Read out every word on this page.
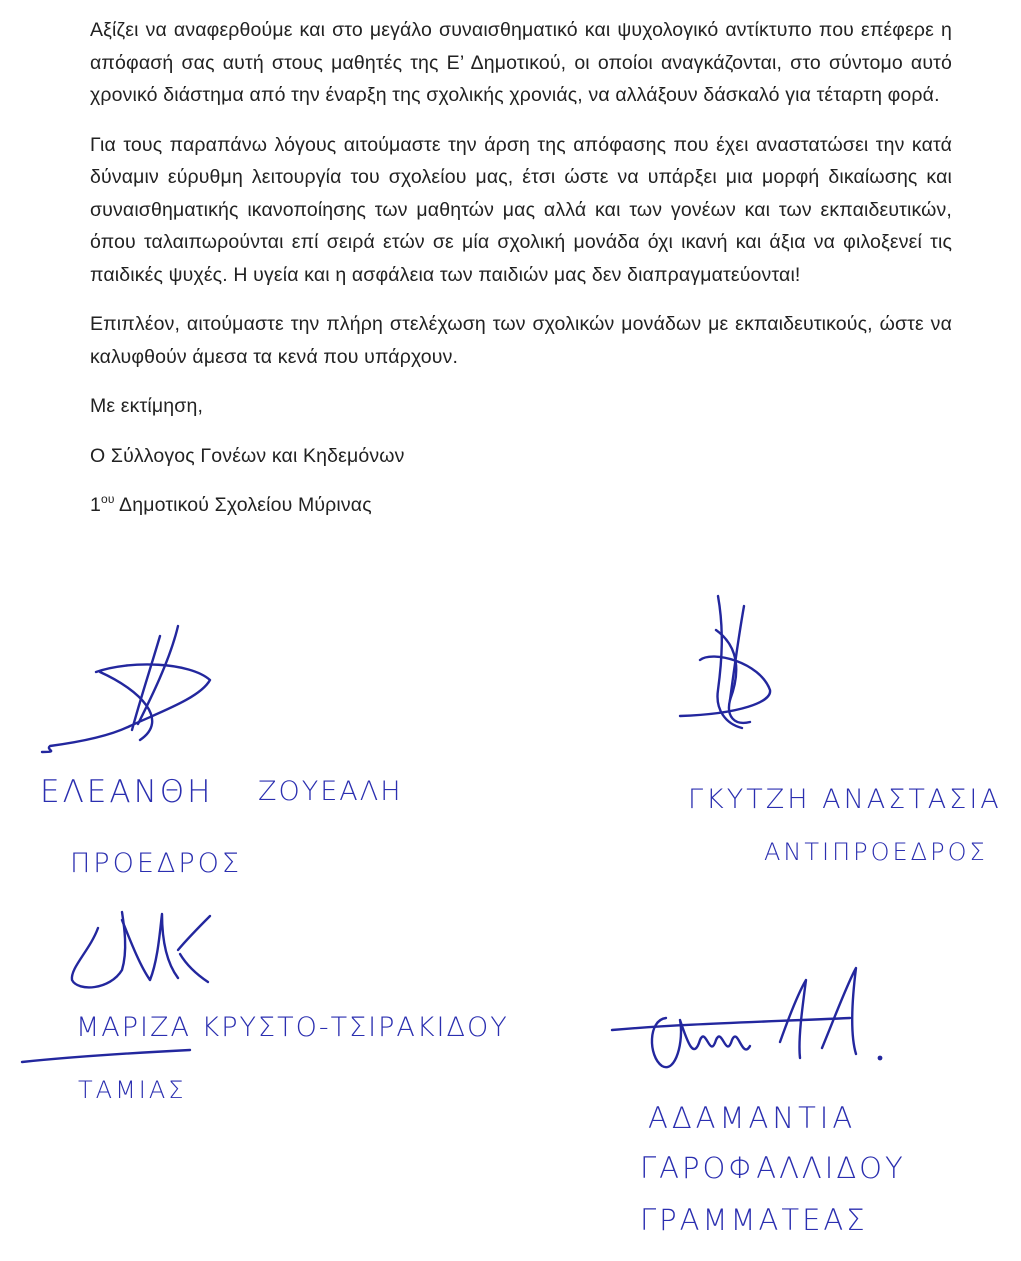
Αξίζει να αναφερθούμε και στο μεγάλο συναισθηματικό και ψυχολογικό αντίκτυπο που επέφερε η απόφασή σας αυτή στους μαθητές της Ε’ Δημοτικού, οι οποίοι αναγκάζονται, στο σύντομο αυτό χρονικό διάστημα από την έναρξη της σχολικής χρονιάς, να αλλάξουν δάσκαλό για τέταρτη φορά.

Για τους παραπάνω λόγους αιτούμαστε την άρση της απόφασης που έχει αναστατώσει την κατά δύναμιν εύρυθμη λειτουργία του σχολείου μας, έτσι ώστε να υπάρξει μια μορφή δικαίωσης και συναισθηματικής ικανοποίησης των μαθητών μας αλλά και των γονέων και των εκπαιδευτικών, όπου ταλαιπωρούνται επί σειρά ετών σε μία σχολική μονάδα όχι ικανή και άξια να φιλοξενεί τις παιδικές ψυχές. Η υγεία και η ασφάλεια των παιδιών μας δεν διαπραγματεύονται!

Επιπλέον, αιτούμαστε την πλήρη στελέχωση των σχολικών μονάδων με εκπαιδευτικούς, ώστε να καλυφθούν άμεσα τα κενά που υπάρχουν.

Με εκτίμηση,

Ο Σύλλογος Γονέων και Κηδεμόνων

$1^{o\upsilon}$ Δημοτικού Σχολείου Μύρινας

ΕΛΕΑΝΘΗ ΖΟΥΕΑΛΗ
ΠΡΟΕΔΡΟΣ
ΓΚΥΤΖΗ ΑΝΑΣΤΑΣΙΑ
ΑΝΤΙΠΡΟΕΔΡΟΣ
ΜΑΡΙΖΑ ΚΡΥΣΤΟ-ΤΣΙΡΑΚΙΔΟΥ
ΤΑΜΙΑΣ
ΑΔΑΜΑΝΤΙΑ
ΓΑΡΟΦΑΛΛΙΔΟΥ
ΓΡΑΜΜΑΤΕΑΣ
